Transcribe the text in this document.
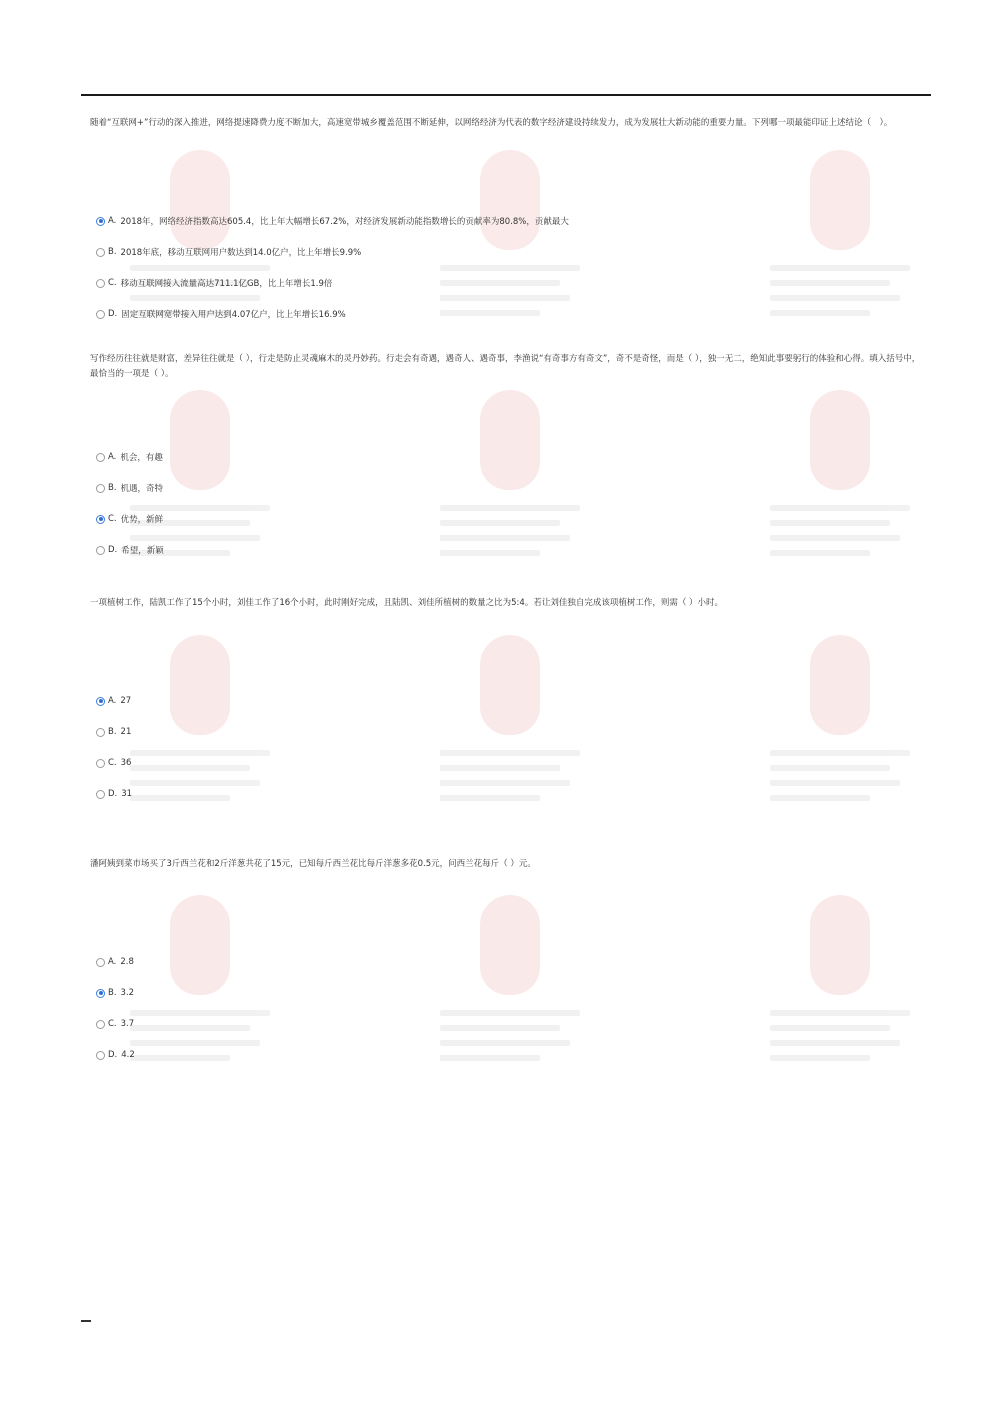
随着“互联网+”行动的深入推进，网络提速降费力度不断加大，高速宽带城乡覆盖范围不断延伸，以网络经济为代表的数字经济建设持续发力，成为发展壮大新动能的重要力量。下列哪一项最能印证上述结论（　）。

A. 2018年，网络经济指数高达605.4，比上年大幅增长67.2%，对经济发展新动能指数增长的贡献率为80.8%，贡献最大
B. 2018年底，移动互联网用户数达到14.0亿户，比上年增长9.9%
C. 移动互联网接入流量高达711.1亿GB，比上年增长1.9倍
D. 固定互联网宽带接入用户达到4.07亿户，比上年增长16.9%

写作经历往往就是财富，差异往往就是（ ），行走是防止灵魂麻木的灵丹妙药。行走会有奇遇，遇奇人、遇奇事，李渔说“有奇事方有奇文”，奇不是奇怪，而是（ ），独一无二，绝知此事要躬行的体验和心得。填入括号中，最恰当的一项是（ ）。

A. 机会，有趣
B. 机遇，奇特
C. 优势，新鲜
D. 希望，新颖

一项植树工作，陆凯工作了15个小时，刘佳工作了16个小时，此时刚好完成，且陆凯、刘佳所植树的数量之比为5:4。若让刘佳独自完成该项植树工作，则需（ ）小时。

A. 27
B. 21
C. 36
D. 31

潘阿姨到菜市场买了3斤西兰花和2斤洋葱共花了15元，已知每斤西兰花比每斤洋葱多花0.5元，问西兰花每斤（ ）元。

A. 2.8
B. 3.2
C. 3.7
D. 4.2
